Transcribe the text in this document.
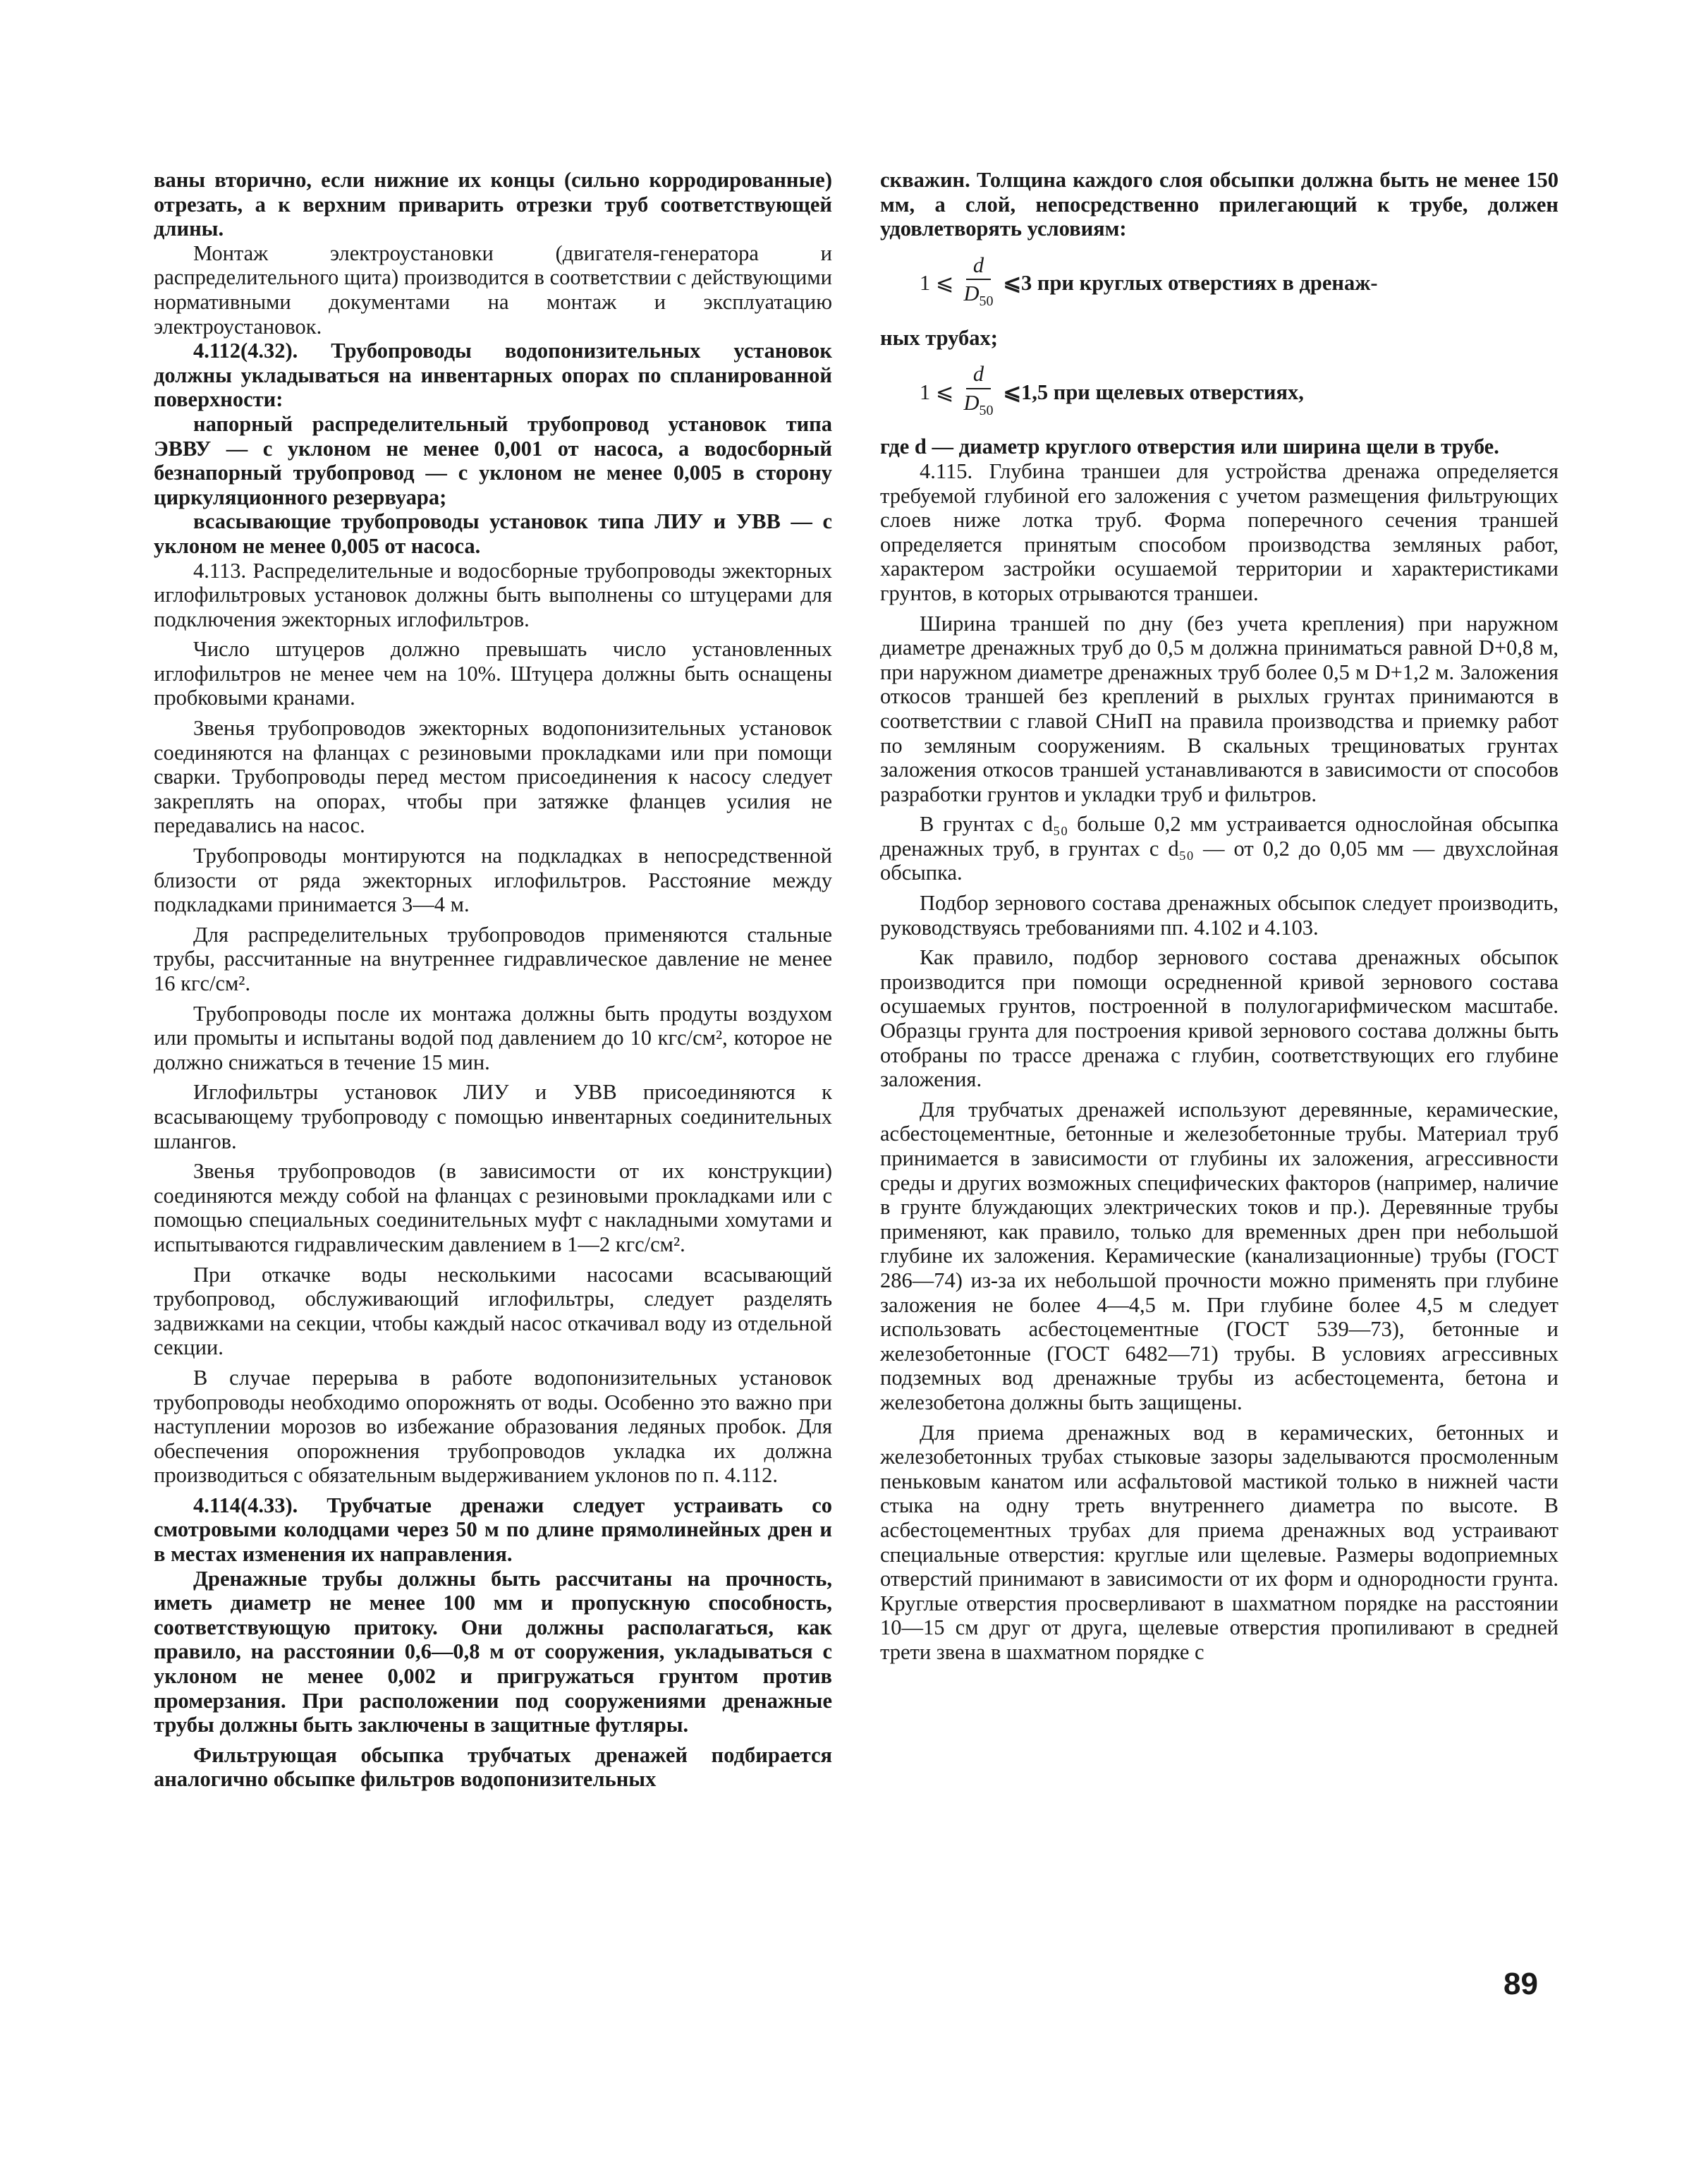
ваны вторично, если нижние их концы (сильно корродированные) отрезать, а к верхним приварить отрезки труб соответствующей длины.

Монтаж электроустановки (двигателя-генератора и распределительного щита) производится в соответствии с действующими нормативными документами на монтаж и эксплуатацию электроустановок.

4.112(4.32). Трубопроводы водопонизительных установок должны укладываться на инвентарных опорах по спланированной поверхности:

напорный распределительный трубопровод установок типа ЭВВУ — с уклоном не менее 0,001 от насоса, а водосборный безнапорный трубопровод — с уклоном не менее 0,005 в сторону циркуляционного резервуара;

всасывающие трубопроводы установок типа ЛИУ и УВВ — с уклоном не менее 0,005 от насоса.

4.113. Распределительные и водосборные трубопроводы эжекторных иглофильтровых установок должны быть выполнены со штуцерами для подключения эжекторных иглофильтров.

Число штуцеров должно превышать число установленных иглофильтров не менее чем на 10%. Штуцера должны быть оснащены пробковыми кранами.

Звенья трубопроводов эжекторных водопонизительных установок соединяются на фланцах с резиновыми прокладками или при помощи сварки. Трубопроводы перед местом присоединения к насосу следует закреплять на опорах, чтобы при затяжке фланцев усилия не передавались на насос.

Трубопроводы монтируются на подкладках в непосредственной близости от ряда эжекторных иглофильтров. Расстояние между подкладками принимается 3—4 м.

Для распределительных трубопроводов применяются стальные трубы, рассчитанные на внутреннее гидравлическое давление не менее 16 кгс/см².

Трубопроводы после их монтажа должны быть продуты воздухом или промыты и испытаны водой под давлением до 10 кгс/см², которое не должно снижаться в течение 15 мин.

Иглофильтры установок ЛИУ и УВВ присоединяются к всасывающему трубопроводу с помощью инвентарных соединительных шлангов.

Звенья трубопроводов (в зависимости от их конструкции) соединяются между собой на фланцах с резиновыми прокладками или с помощью специальных соединительных муфт с накладными хомутами и испытываются гидравлическим давлением в 1—2 кгс/см².

При откачке воды несколькими насосами всасывающий трубопровод, обслуживающий иглофильтры, следует разделять задвижками на секции, чтобы каждый насос откачивал воду из отдельной секции.

В случае перерыва в работе водопонизительных установок трубопроводы необходимо опорожнять от воды. Особенно это важно при наступлении морозов во избежание образования ледяных пробок. Для обеспечения опорожнения трубопроводов укладка их должна производиться с обязательным выдерживанием уклонов по п. 4.112.

4.114(4.33). Трубчатые дренажи следует устраивать со смотровыми колодцами через 50 м по длине прямолинейных дрен и в местах изменения их направления.

Дренажные трубы должны быть рассчитаны на прочность, иметь диаметр не менее 100 мм и пропускную способность, соответствующую притоку. Они должны располагаться, как правило, на расстоянии 0,6—0,8 м от сооружения, укладываться с уклоном не менее 0,002 и пригружаться грунтом против промерзания. При расположении под сооружениями дренажные трубы должны быть заключены в защитные футляры.

Фильтрующая обсыпка трубчатых дренажей подбирается аналогично обсыпке фильтров водопонизительных

скважин. Толщина каждого слоя обсыпки должна быть не менее 150 мм, а слой, непосредственно прилегающий к трубе, должен удовлетворять условиям:

1 ⩽ $\frac{d}{D_{50}}$ ⩽3 при круглых отверстиях в дренаж-

ных трубах;

1 ⩽ $\frac{d}{D_{50}}$ ⩽1,5 при щелевых отверстиях,

где d — диаметр круглого отверстия или ширина щели в трубе.

4.115. Глубина траншеи для устройства дренажа определяется требуемой глубиной его заложения с учетом размещения фильтрующих слоев ниже лотка труб. Форма поперечного сечения траншей определяется принятым способом производства земляных работ, характером застройки осушаемой территории и характеристиками грунтов, в которых отрываются траншеи.

Ширина траншей по дну (без учета крепления) при наружном диаметре дренажных труб до 0,5 м должна приниматься равной D+0,8 м, при наружном диаметре дренажных труб более 0,5 м D+1,2 м. Заложения откосов траншей без креплений в рыхлых грунтах принимаются в соответствии с главой СНиП на правила производства и приемку работ по земляным сооружениям. В скальных трещиноватых грунтах заложения откосов траншей устанавливаются в зависимости от способов разработки грунтов и укладки труб и фильтров.

В грунтах с d₅₀ больше 0,2 мм устраивается однослойная обсыпка дренажных труб, в грунтах с d₅₀ — от 0,2 до 0,05 мм — двухслойная обсыпка.

Подбор зернового состава дренажных обсыпок следует производить, руководствуясь требованиями пп. 4.102 и 4.103.

Как правило, подбор зернового состава дренажных обсыпок производится при помощи осредненной кривой зернового состава осушаемых грунтов, построенной в полулогарифмическом масштабе. Образцы грунта для построения кривой зернового состава должны быть отобраны по трассе дренажа с глубин, соответствующих его глубине заложения.

Для трубчатых дренажей используют деревянные, керамические, асбестоцементные, бетонные и железобетонные трубы. Материал труб принимается в зависимости от глубины их заложения, агрессивности среды и других возможных специфических факторов (например, наличие в грунте блуждающих электрических токов и пр.). Деревянные трубы применяют, как правило, только для временных дрен при небольшой глубине их заложения. Керамические (канализационные) трубы (ГОСТ 286—74) из-за их небольшой прочности можно применять при глубине заложения не более 4—4,5 м. При глубине более 4,5 м следует использовать асбестоцементные (ГОСТ 539—73), бетонные и железобетонные (ГОСТ 6482—71) трубы. В условиях агрессивных подземных вод дренажные трубы из асбестоцемента, бетона и железобетона должны быть защищены.

Для приема дренажных вод в керамических, бетонных и железобетонных трубах стыковые зазоры заделываются просмоленным пеньковым канатом или асфальтовой мастикой только в нижней части стыка на одну треть внутреннего диаметра по высоте. В асбестоцементных трубах для приема дренажных вод устраивают специальные отверстия: круглые или щелевые. Размеры водоприемных отверстий принимают в зависимости от их форм и однородности грунта. Круглые отверстия просверливают в шахматном порядке на расстоянии 10—15 см друг от друга, щелевые отверстия пропиливают в средней трети звена в шахматном порядке с

89
